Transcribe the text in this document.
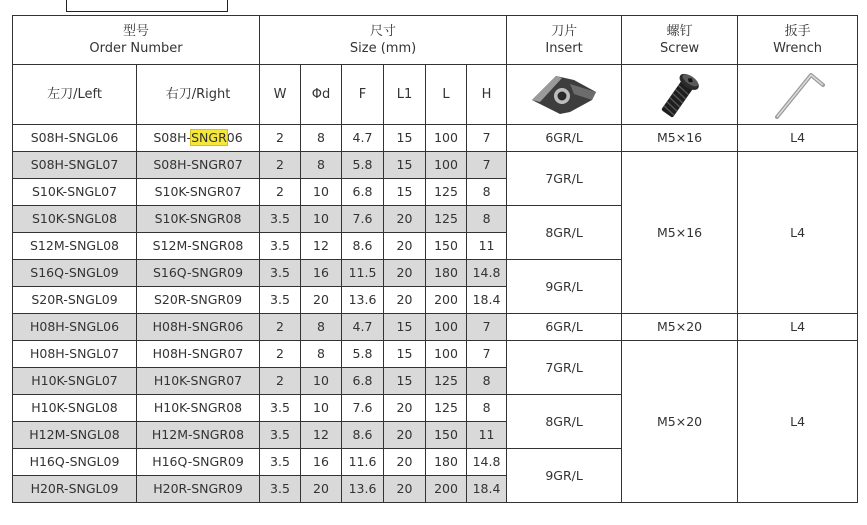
型号
Order Number		尺寸
Size (mm)						刀片
Insert	螺钉
Screw	扳手
Wrench

左刀/Left	右刀/Right	W	Φd	F	L1	L	H	

S08H-SNGL06	S08H-SNGR06	2	8	4.7	15	100	7	6GR/L	M5×16	L4
S08H-SNGL07	S08H-SNGR07	2	8	5.8	15	100	7	7GR/L	M5×16	L4
S10K-SNGL07	S10K-SNGR07	2	10	6.8	15	125	8			
S10K-SNGL08	S10K-SNGR08	3.5	10	7.6	20	125	8	8GR/L		
S12M-SNGL08	S12M-SNGR08	3.5	12	8.6	20	150	11			
S16Q-SNGL09	S16Q-SNGR09	3.5	16	11.5	20	180	14.8	9GR/L		
S20R-SNGL09	S20R-SNGR09	3.5	20	13.6	20	200	18.4			
H08H-SNGL06	H08H-SNGR06	2	8	4.7	15	100	7	6GR/L	M5×20	L4
H08H-SNGL07	H08H-SNGR07	2	8	5.8	15	100	7	7GR/L	M5×20	L4
H10K-SNGL07	H10K-SNGR07	2	10	6.8	15	125	8			
H10K-SNGL08	H10K-SNGR08	3.5	10	7.6	20	125	8	8GR/L		
H12M-SNGL08	H12M-SNGR08	3.5	12	8.6	20	150	11			
H16Q-SNGL09	H16Q-SNGR09	3.5	16	11.6	20	180	14.8	9GR/L		
H20R-SNGL09	H20R-SNGR09	3.5	20	13.6	20	200	18.4			
